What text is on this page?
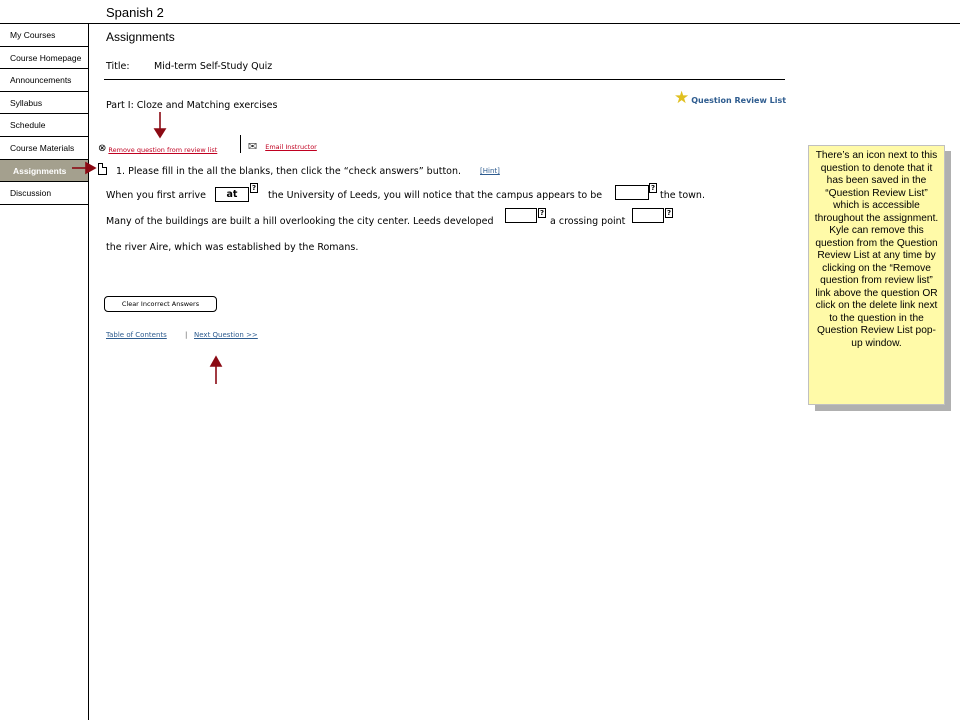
Spanish 2
My Courses
Course Homepage
Announcements
Syllabus
Schedule
Course Materials
Assignments
Discussion
Assignments
Title:	Mid-term Self-Study Quiz
Part I: Cloze and Matching exercises	★ Question Review List
⊗ Remove question from review list	✉ Email Instructor
1. Please fill in the all the blanks, then click the “check answers” button.	[Hint]
When you first arrive	at
?
the University of Leeds, you will notice that the campus appears to be
?
the town.
Many of the buildings are built a hill overlooking the city center. Leeds developed
?
a crossing point
?
the river Aire, which was established by the Romans.
Clear Incorrect Answers
Table of Contents	| Next Question >>
There’s an icon next to this question to denote that it has been saved in the “Question Review List” which is accessible throughout the assignment. Kyle can remove this question from the Question Review List at any time by clicking on the “Remove question from review list” link above the question OR click on the delete link next to the question in the Question Review List pop-up window.
